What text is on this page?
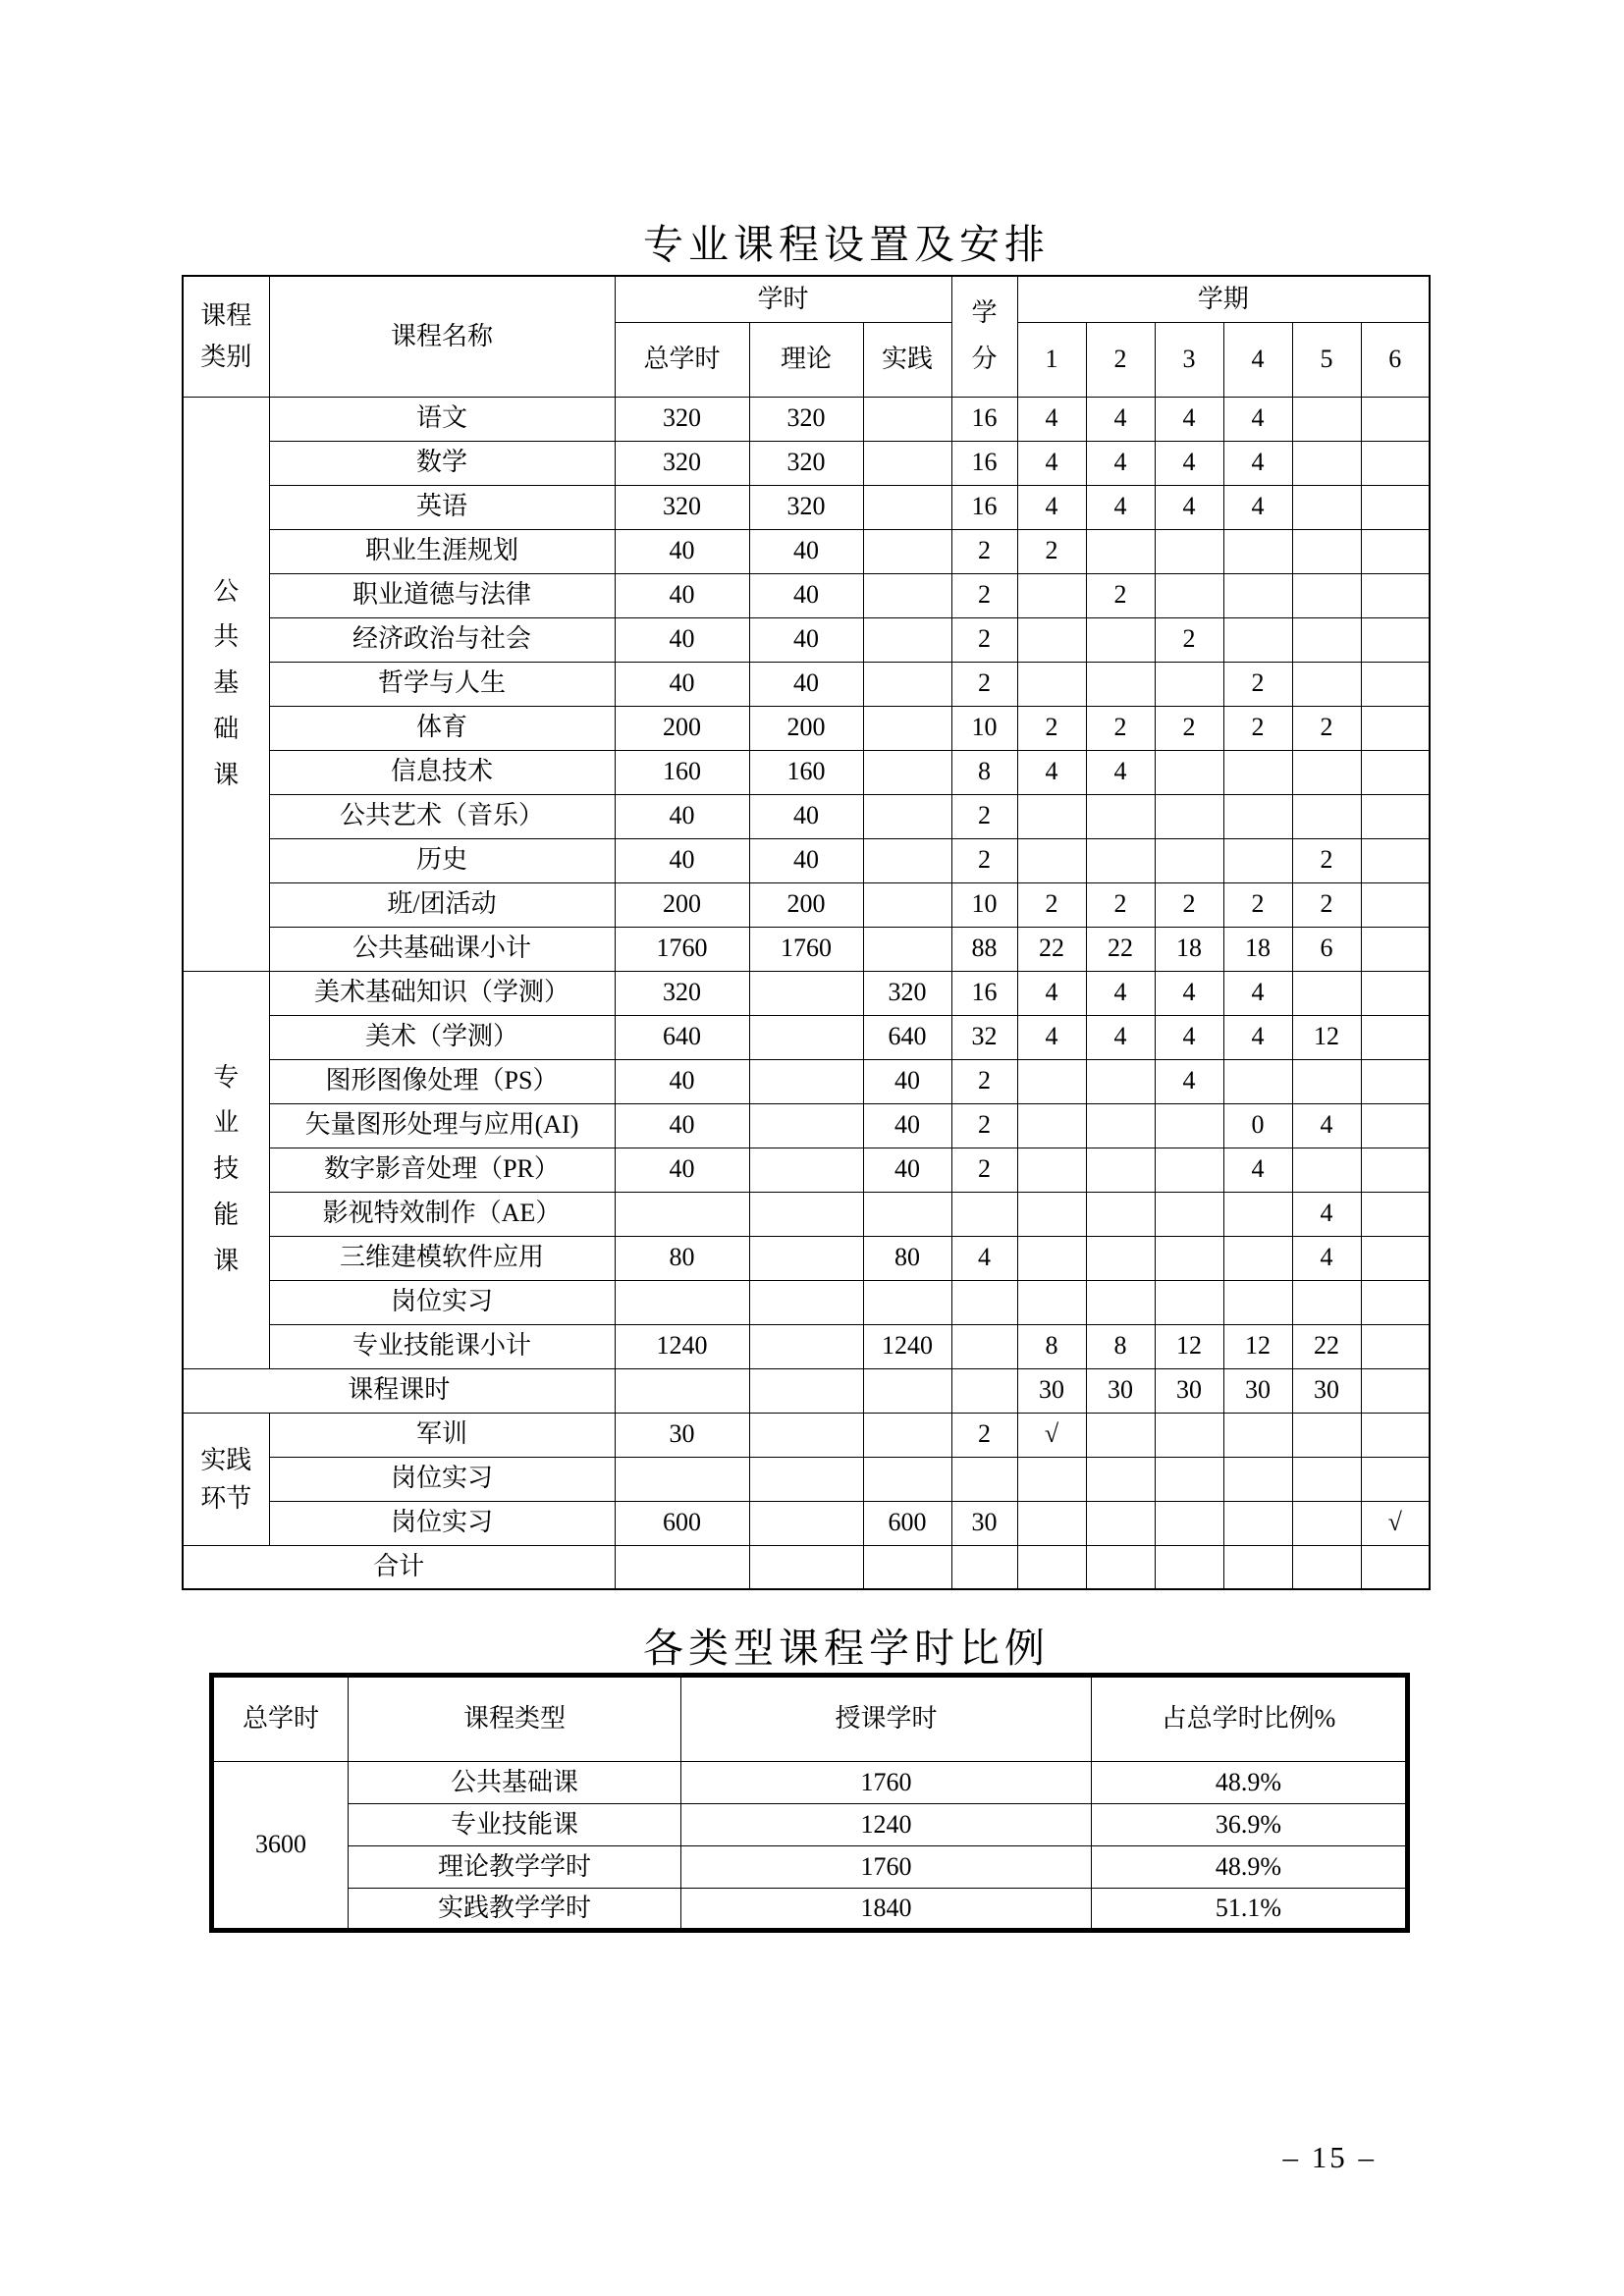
专业课程设置及安排
课程类别	课程名称	学时			学分	学期					
		总学时	理论	实践		1	2	3	4	5	6

公共基础课	语文	320	320		16	4	4	4	4		
	数学	320	320		16	4	4	4	4		
	英语	320	320		16	4	4	4	4		
	职业生涯规划	40	40		2	2					
	职业道德与法律	40	40		2		2				
	经济政治与社会	40	40		2			2			
	哲学与人生	40	40		2				2		
	体育	200	200		10	2	2	2	2	2	
	信息技术	160	160		8	4	4				
	公共艺术（音乐）	40	40		2						
	历史	40	40		2					2	
	班/团活动	200	200		10	2	2	2	2	2	
	公共基础课小计	1760	1760		88	22	22	18	18	6	

专业技能课	美术基础知识（学测）	320		320	16	4	4	4	4		
	美术（学测）	640		640	32	4	4	4	4	12	
	图形图像处理（PS）	40		40	2			4			
	矢量图形处理与应用(AI)	40		40	2				0	4	
	数字影音处理（PR）	40		40	2				4		
	影视特效制作（AE）									4	
	三维建模软件应用	80		80	4					4	
	岗位实习										
	专业技能课小计	1240		1240		8	8	12	12	22	
课程课时						30	30	30	30	30	

实践环节	军训	30			2	√					
	岗位实习										
	岗位实习	600		600	30						√
合计											
各类型课程学时比例
总学时	课程类型	授课学时	占总学时比例%
3600	公共基础课	1760	48.9%
	专业技能课	1240	36.9%
	理论教学学时	1760	48.9%
	实践教学学时	1840	51.1%
– 15 –
